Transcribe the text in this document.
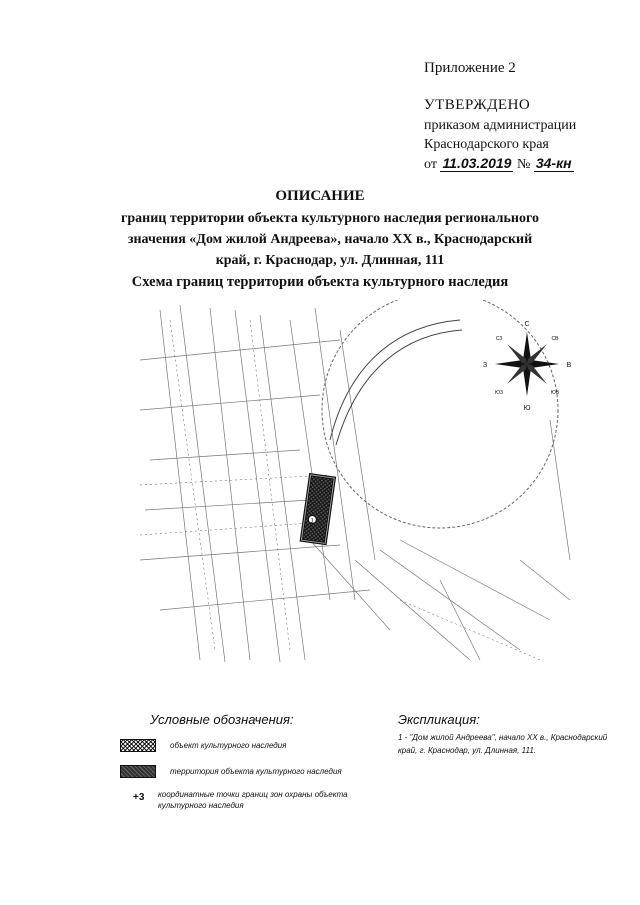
Приложение 2
УТВЕРЖДЕНО
приказом администрации
Краснодарского края
от 11.03.2019 № 34-кн
ОПИСАНИЕ
границ территории объекта культурного наследия регионального значения «Дом жилой Андреева», начало XX в., Краснодарский край, г. Краснодар, ул. Длинная, 111
Схема границ территории объекта культурного наследия
1
С
Ю
З	В
СЗ	СВ
ЮЗ	ЮВ
Условные обозначения:
объект культурного наследия
территория объекта культурного наследия
+3 координатные точки границ зон охраны объекта культурного наследия
Экспликация:
1 - "Дом жилой Андреева", начало XX в., Краснодарский край, г. Краснодар, ул. Длинная, 111.
